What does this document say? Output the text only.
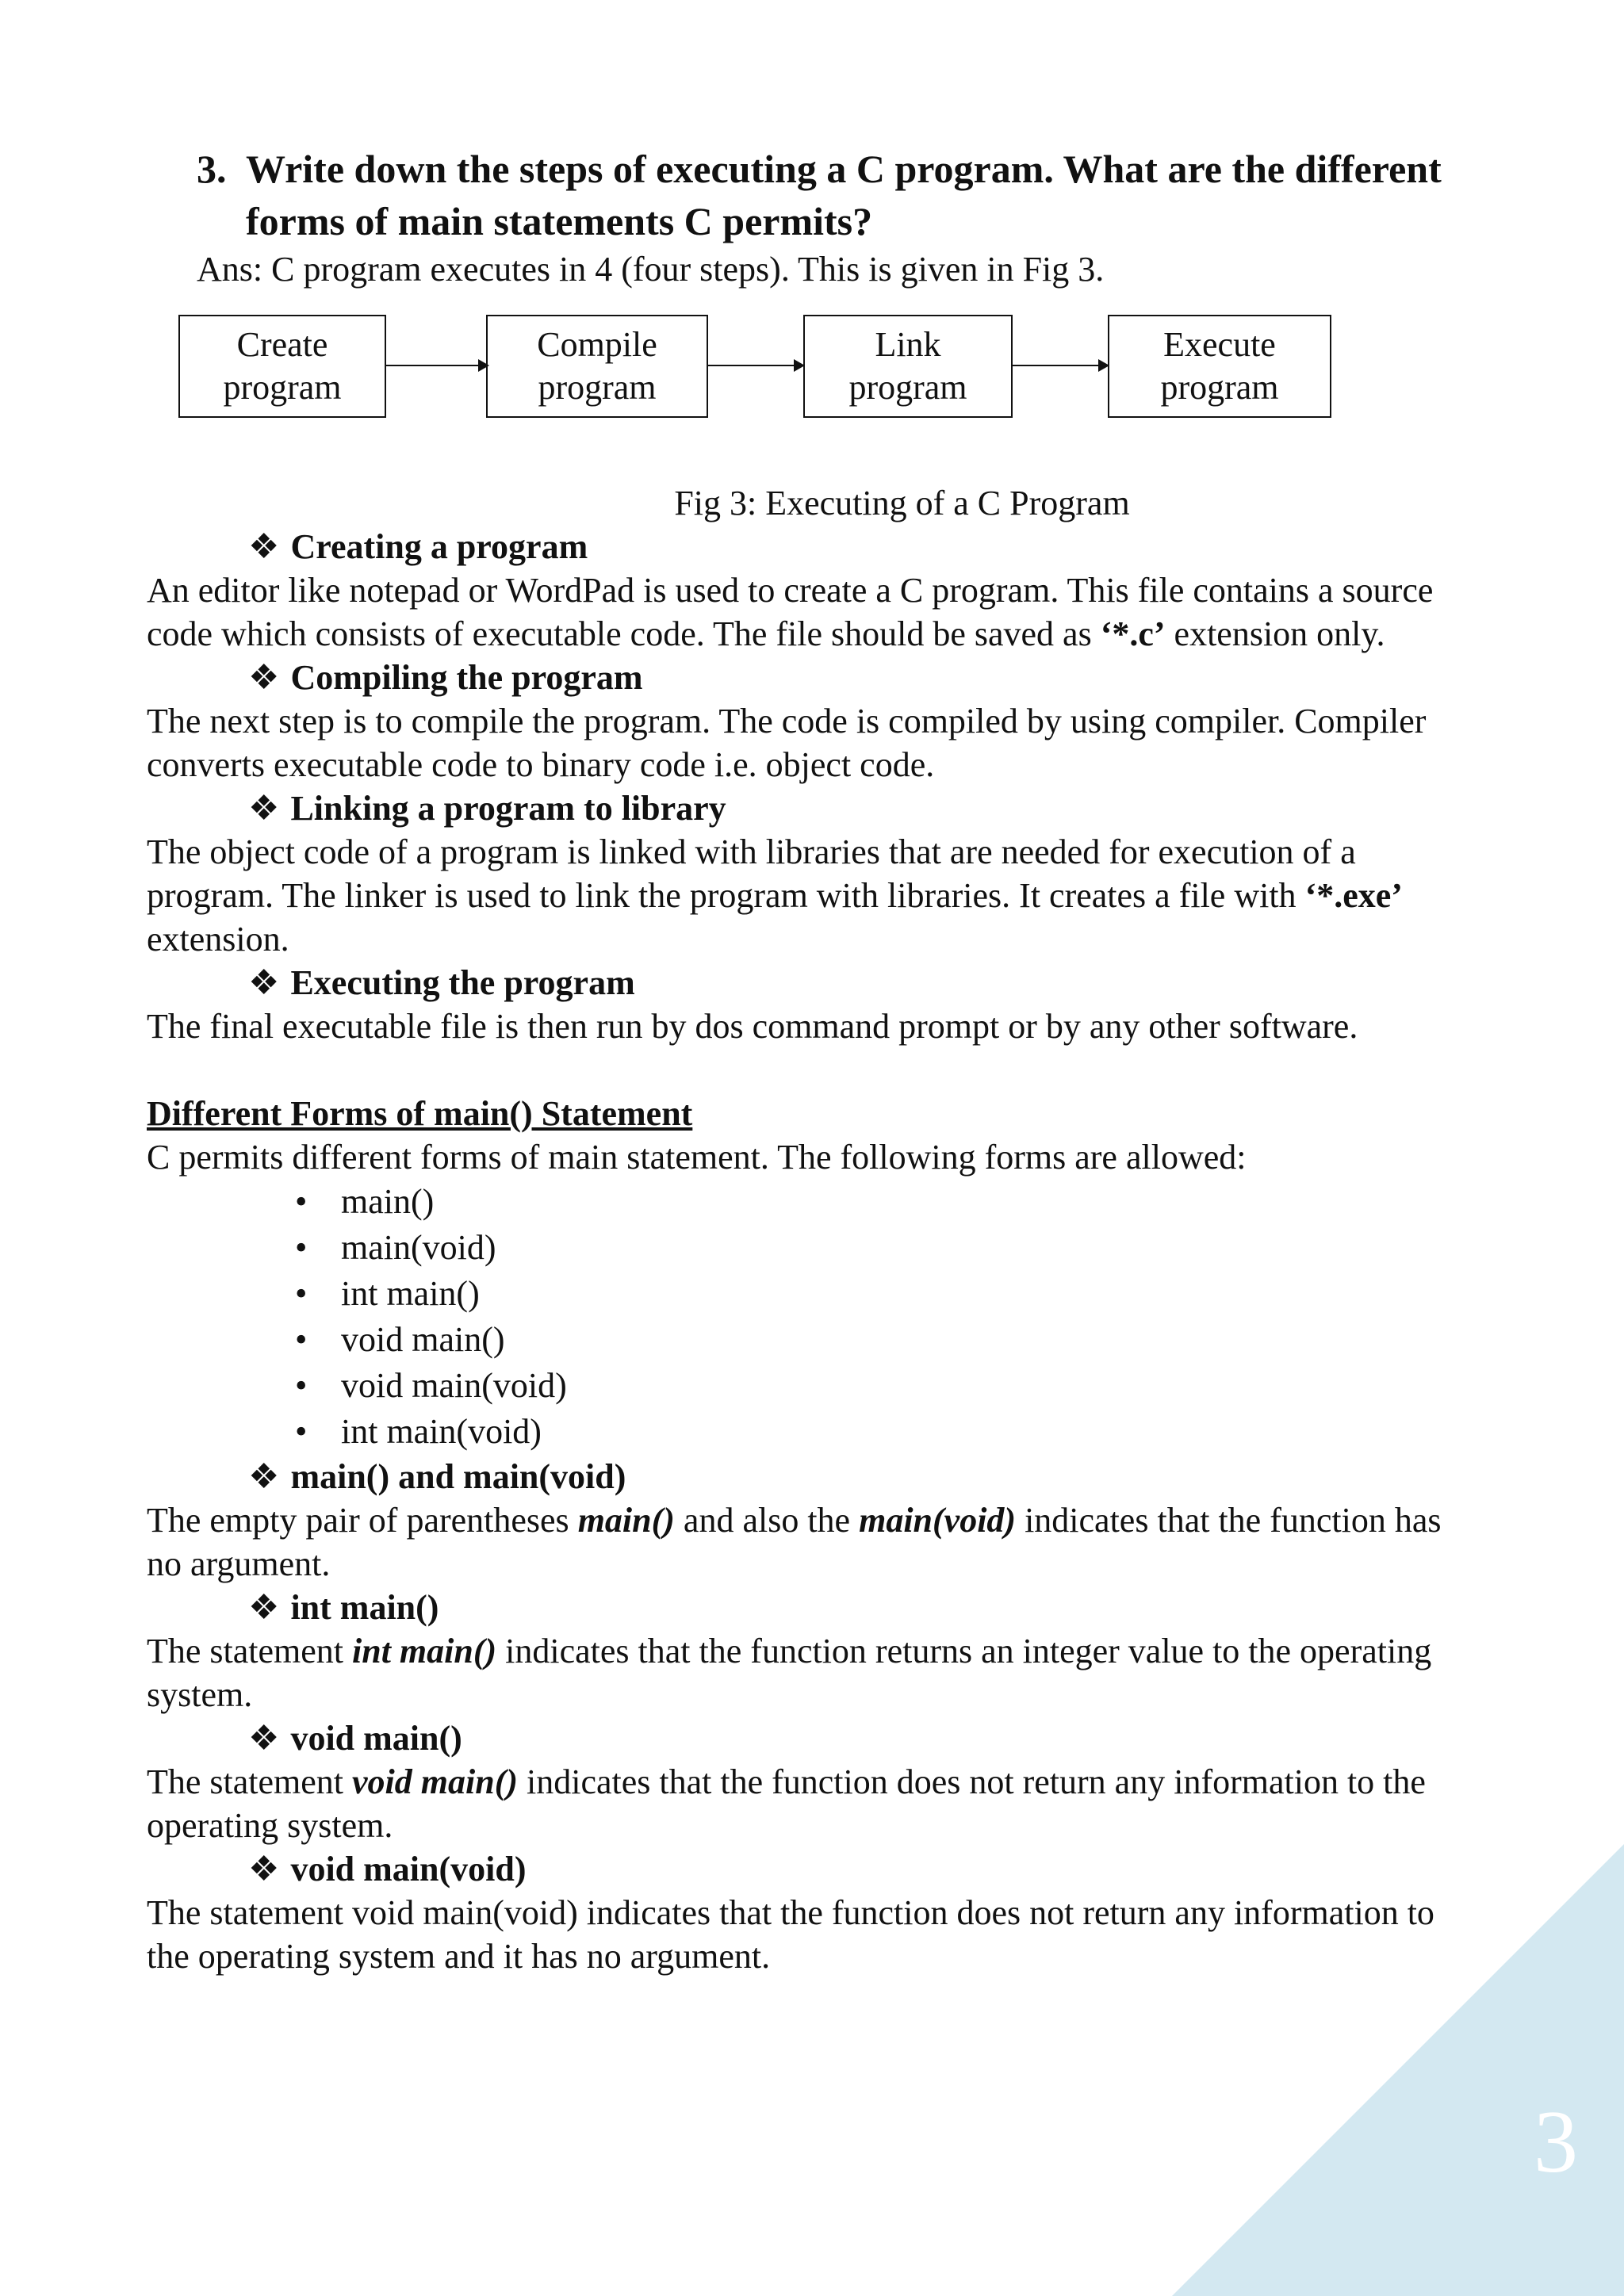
3
3. Write down the steps of executing a C program. What are the different forms of main statements C permits?
Ans: C program executes in 4 (four steps). This is given in Fig 3.
Create
program
Compile
program
Link
program
Execute
program
Fig 3: Executing of a C Program
❖ Creating a program
An editor like notepad or WordPad is used to create a C program. This file contains a source code which consists of executable code. The file should be saved as ‘*.c’ extension only.
❖ Compiling the program
The next step is to compile the program. The code is compiled by using compiler. Compiler converts executable code to binary code i.e. object code.
❖ Linking a program to library
The object code of a program is linked with libraries that are needed for execution of a program. The linker is used to link the program with libraries. It creates a file with ‘*.exe’ extension.
❖ Executing the program
The final executable file is then run by dos command prompt or by any other software.
Different Forms of main() Statement
C permits different forms of main statement. The following forms are allowed:
• main()
• main(void)
• int main()
• void main()
• void main(void)
• int main(void)
❖ main() and main(void)
The empty pair of parentheses main() and also the main(void) indicates that the function has no argument.
❖ int main()
The statement int main() indicates that the function returns an integer value to the operating system.
❖ void main()
The statement void main() indicates that the function does not return any information to the operating system.
❖ void main(void)
The statement void main(void) indicates that the function does not return any information to the operating system and it has no argument.
